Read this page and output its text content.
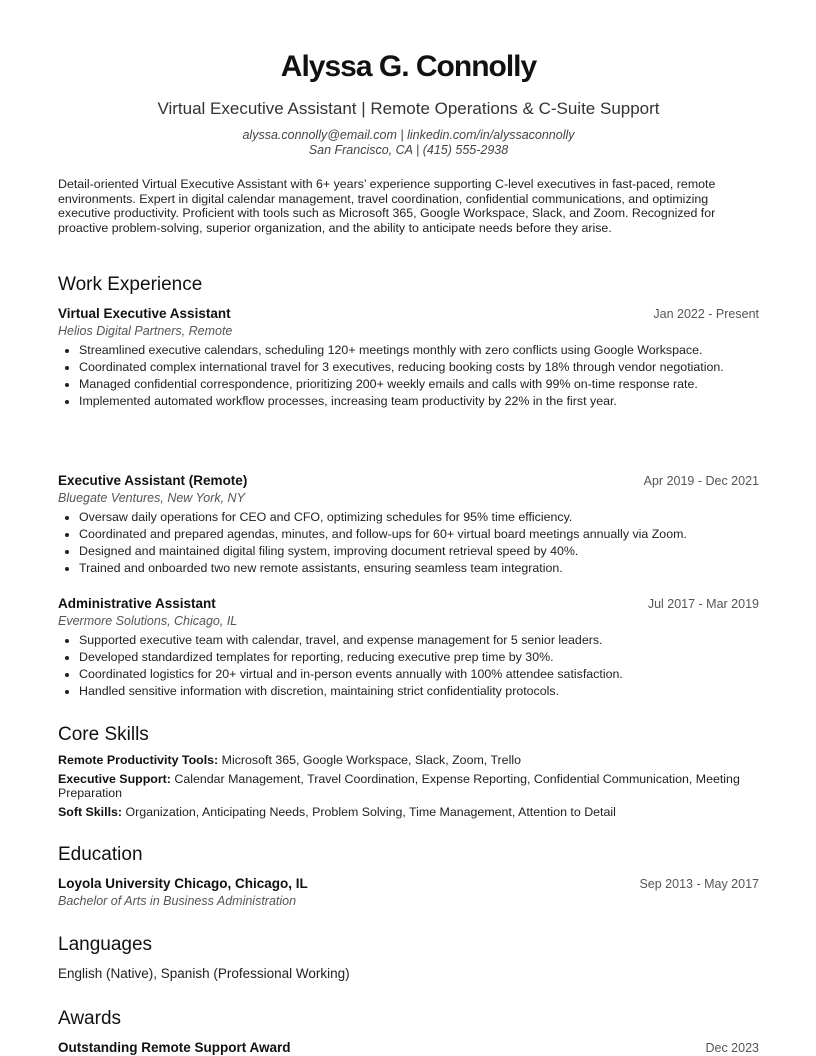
Alyssa G. Connolly
Virtual Executive Assistant | Remote Operations & C-Suite Support
alyssa.connolly@email.com | linkedin.com/in/alyssaconnolly
San Francisco, CA | (415) 555-2938
Detail-oriented Virtual Executive Assistant with 6+ years’ experience supporting C-level executives in fast-paced, remote environments. Expert in digital calendar management, travel coordination, confidential communications, and optimizing executive productivity. Proficient with tools such as Microsoft 365, Google Workspace, Slack, and Zoom. Recognized for proactive problem-solving, superior organization, and the ability to anticipate needs before they arise.
Work Experience
Virtual Executive Assistant	Jan 2022 - Present
Helios Digital Partners, Remote
• Streamlined executive calendars, scheduling 120+ meetings monthly with zero conflicts using Google Workspace.
• Coordinated complex international travel for 3 executives, reducing booking costs by 18% through vendor negotiation.
• Managed confidential correspondence, prioritizing 200+ weekly emails and calls with 99% on-time response rate.
• Implemented automated workflow processes, increasing team productivity by 22% in the first year.
Executive Assistant (Remote)	Apr 2019 - Dec 2021
Bluegate Ventures, New York, NY
• Oversaw daily operations for CEO and CFO, optimizing schedules for 95% time efficiency.
• Coordinated and prepared agendas, minutes, and follow-ups for 60+ virtual board meetings annually via Zoom.
• Designed and maintained digital filing system, improving document retrieval speed by 40%.
• Trained and onboarded two new remote assistants, ensuring seamless team integration.
Administrative Assistant	Jul 2017 - Mar 2019
Evermore Solutions, Chicago, IL
• Supported executive team with calendar, travel, and expense management for 5 senior leaders.
• Developed standardized templates for reporting, reducing executive prep time by 30%.
• Coordinated logistics for 20+ virtual and in-person events annually with 100% attendee satisfaction.
• Handled sensitive information with discretion, maintaining strict confidentiality protocols.
Core Skills
Remote Productivity Tools: Microsoft 365, Google Workspace, Slack, Zoom, Trello
Executive Support: Calendar Management, Travel Coordination, Expense Reporting, Confidential Communication, Meeting Preparation
Soft Skills: Organization, Anticipating Needs, Problem Solving, Time Management, Attention to Detail
Education
Loyola University Chicago, Chicago, IL	Sep 2013 - May 2017
Bachelor of Arts in Business Administration
Languages
English (Native), Spanish (Professional Working)
Awards
Outstanding Remote Support Award	Dec 2023
